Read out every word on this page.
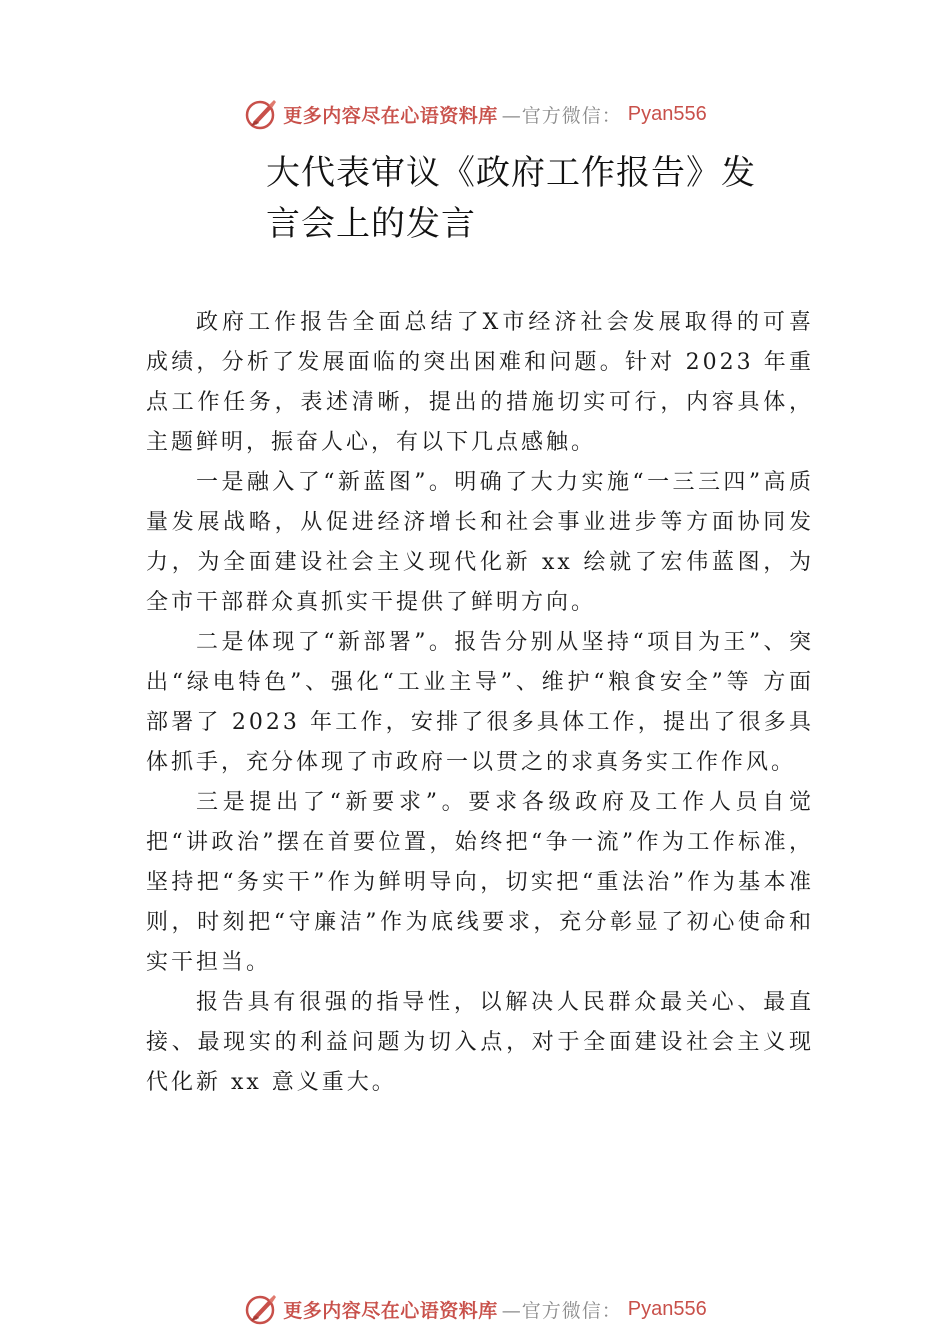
更多内容尽在心语资料库 —官方微信： Pyan556
大代表审议《政府工作报告》发
言会上的发言

政府工作报告全面总结了X市经济社会发展取得的可喜成绩，分析了发展面临的突出困难和问题。针对 2023 年重点工作任务，表述清晰，提出的措施切实可行，内容具体， 主题鲜明，振奋人心，有以下几点感触。

一是融入了“新蓝图”。明确了大力实施“一三三四”高质量发展战略，从促进经济增长和社会事业进步等方面协同发力，为全面建设社会主义现代化新 xx 绘就了宏伟蓝图，为全市干部群众真抓实干提供了鲜明方向。

二是体现了“新部署”。报告分别从坚持“项目为王”、突出“绿电特色”、强化“工业主导”、维护“粮食安全”等 方面部署了 2023 年工作，安排了很多具体工作，提出了很多具体抓手，充分体现了市政府一以贯之的求真务实工作作风。

三是提出了“新要求”。要求各级政府及工作人员自觉把“讲政治”摆在首要位置，始终把“争一流”作为工作标准，坚持把“务实干”作为鲜明导向，切实把“重法治”作为基本准则，时刻把“守廉洁”作为底线要求，充分彰显了初心使命和实干担当。

报告具有很强的指导性，以解决人民群众最关心、最直接、最现实的利益问题为切入点，对于全面建设社会主义现代化新 xx 意义重大。

更多内容尽在心语资料库 —官方微信： Pyan556
